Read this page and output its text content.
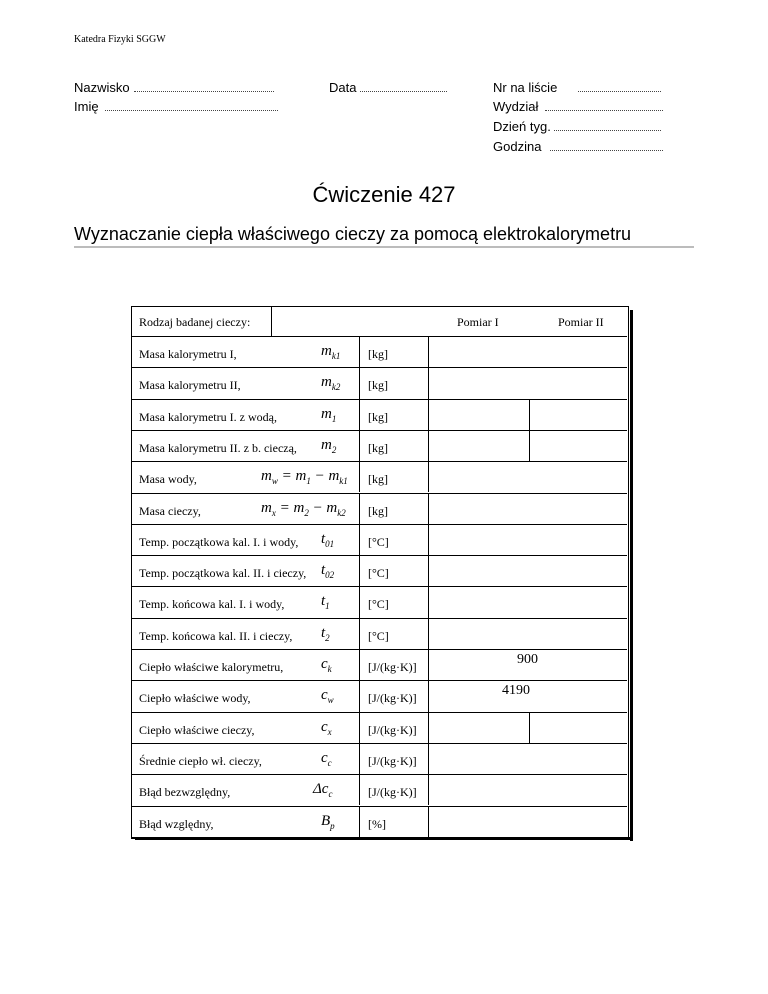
Katedra Fizyki SGGW
Nazwisko	Data	Nr na liście
Imię	Wydział
Dzień tyg.
Godzina
Ćwiczenie 427
Wyznaczanie ciepła właściwego cieczy za pomocą elektrokalorymetru
Rodzaj badanej cieczy:	Pomiar I	Pomiar II
Masa kalorymetru I,	$m_{k1}$ [kg]
Masa kalorymetru II,	$m_{k2}$ [kg]
Masa kalorymetru I. z wodą,	$m_1$	[kg]
Masa kalorymetru II. z b. cieczą, $m_2$	[kg]
Masa wody,	$m_w = m_1 - m_{k1}$ [kg]
Masa cieczy,	$m_x = m_2 - m_{k2}$ [kg]
Temp. początkowa kal. I. i wody, $t_{01}$	[°C]
Temp. początkowa kal. II. i cieczy, $t_{02}$	[°C]
Temp. końcowa kal. I. i wody, $t_1$	[°C]
Temp. końcowa kal. II. i cieczy, $t_2$	[°C]
Ciepło właściwe kalorymetru,	$c_k$	[J/(kg·K)]	900
Ciepło właściwe wody,	$c_w$	[J/(kg·K)]	4190
Ciepło właściwe cieczy,	$c_x$	[J/(kg·K)]
Średnie ciepło wł. cieczy,	$c_c$	[J/(kg·K)]
Błąd bezwzględny,	$\Delta c_c$	[J/(kg·K)]
Błąd względny,	$B_p$	[%]
